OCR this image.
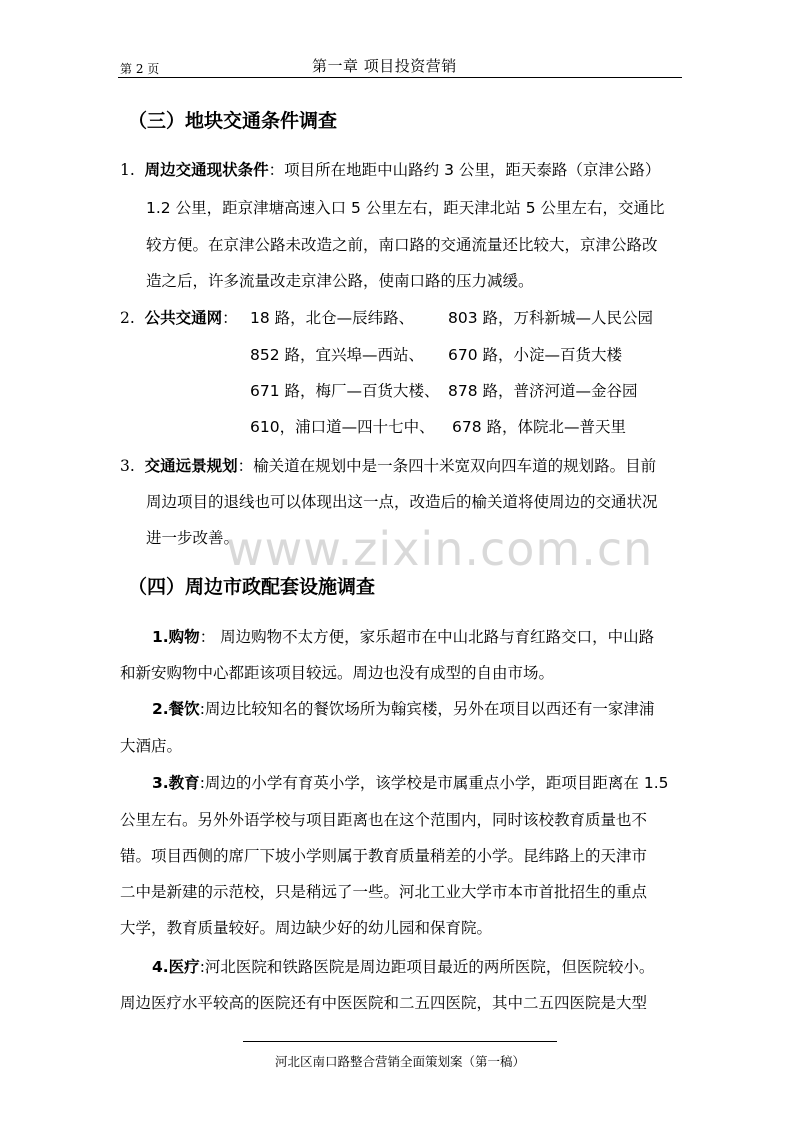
第 2 页	第一章 项目投资营销
（三）地块交通条件调查
1. 周边交通现状条件：项目所在地距中山路约 3 公里，距天泰路（京津公路）
1.2 公里，距京津塘高速入口 5 公里左右，距天津北站 5 公里左右，交通比
较方便。在京津公路未改造之前，南口路的交通流量还比较大，京津公路改
造之后，许多流量改走京津公路，使南口路的压力减缓。
2. 公共交通网： 18 路，北仓—辰纬路、
852 路，宜兴埠—西站、
671 路，梅厂—百货大楼、
610，浦口道—四十七中、
803 路，万科新城—人民公园
670 路，小淀—百货大楼
878 路，普济河道—金谷园
678 路，体院北—普天里
3. 交通远景规划：榆关道在规划中是一条四十米宽双向四车道的规划路。目前
周边项目的退线也可以体现出这一点，改造后的榆关道将使周边的交通状况
进一步改善。
www.zixin.com.cn
（四）周边市政配套设施调查
1.购物： 周边购物不太方便，家乐超市在中山北路与育红路交口，中山路
和新安购物中心都距该项目较远。周边也没有成型的自由市场。
2.餐饮:周边比较知名的餐饮场所为翰宾楼，另外在项目以西还有一家津浦
大酒店。
3.教育:周边的小学有育英小学，该学校是市属重点小学，距项目距离在 1.5
公里左右。另外外语学校与项目距离也在这个范围内，同时该校教育质量也不
错。项目西侧的席厂下坡小学则属于教育质量稍差的小学。昆纬路上的天津市
二中是新建的示范校，只是稍远了一些。河北工业大学市本市首批招生的重点
大学，教育质量较好。周边缺少好的幼儿园和保育院。
4.医疗:河北医院和铁路医院是周边距项目最近的两所医院，但医院较小。
周边医疗水平较高的医院还有中医医院和二五四医院，其中二五四医院是大型
河北区南口路整合营销全面策划案（第一稿）
